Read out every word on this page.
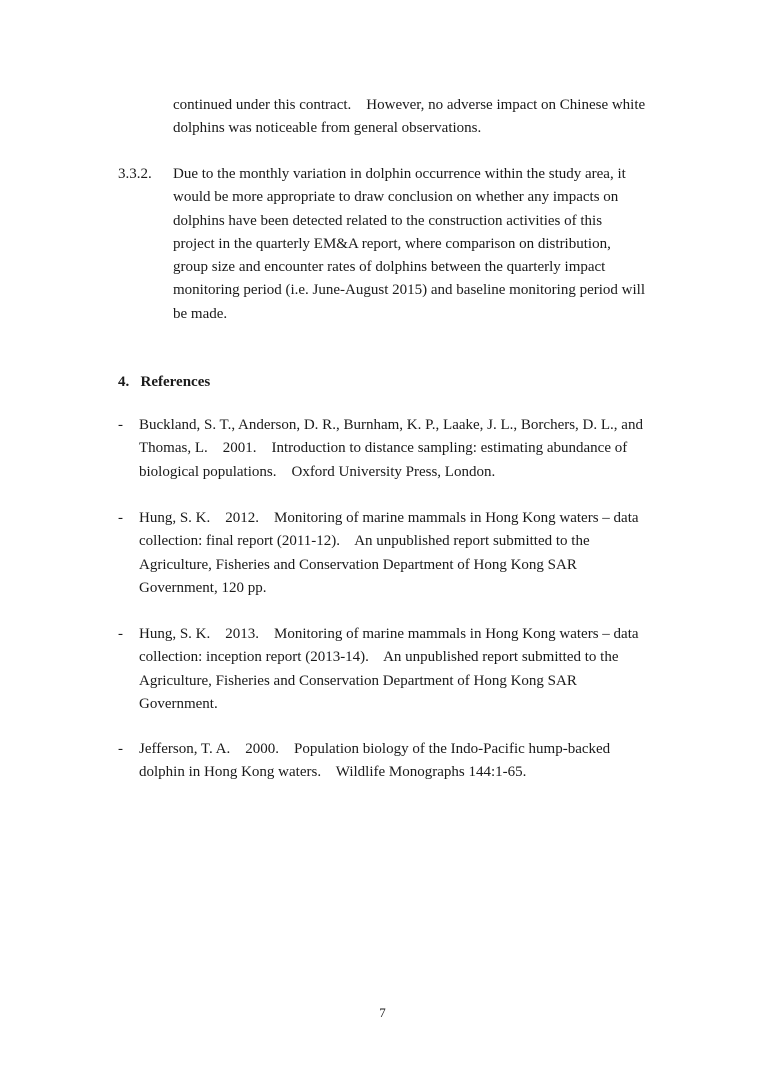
continued under this contract.    However, no adverse impact on Chinese white
dolphins was noticeable from general observations.

3.3.2.

Due to the monthly variation in dolphin occurrence within the study area, it
would be more appropriate to draw conclusion on whether any impacts on
dolphins have been detected related to the construction activities of this
project in the quarterly EM&A report, where comparison on distribution,
group size and encounter rates of dolphins between the quarterly impact
monitoring period (i.e. June-August 2015) and baseline monitoring period will
be made.

4.   References

-

Buckland, S. T., Anderson, D. R., Burnham, K. P., Laake, J. L., Borchers, D. L., and
Thomas, L.    2001.    Introduction to distance sampling: estimating abundance of
biological populations.    Oxford University Press, London.

-

Hung, S. K.    2012.    Monitoring of marine mammals in Hong Kong waters – data
collection: final report (2011-12).    An unpublished report submitted to the
Agriculture, Fisheries and Conservation Department of Hong Kong SAR
Government, 120 pp.

-

Hung, S. K.    2013.    Monitoring of marine mammals in Hong Kong waters – data
collection: inception report (2013-14).    An unpublished report submitted to the
Agriculture, Fisheries and Conservation Department of Hong Kong SAR
Government.

-

Jefferson, T. A.    2000.    Population biology of the Indo-Pacific hump-backed
dolphin in Hong Kong waters.    Wildlife Monographs 144:1-65.

7
